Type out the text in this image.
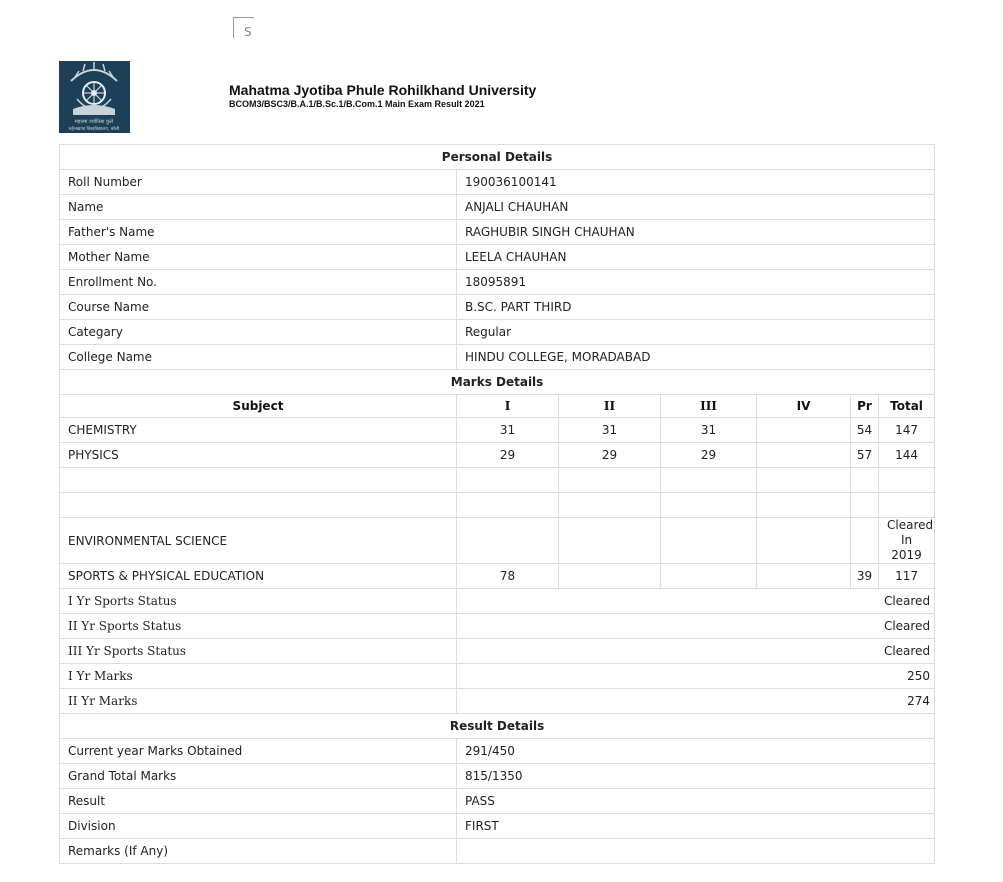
S
महात्मा ज्योतिबा फुले
रुहेलखण्ड विश्वविद्यालय, बरेली
Mahatma Jyotiba Phule Rohilkhand University
BCOM3/BSC3/B.A.1/B.Sc.1/B.Com.1 Main Exam Result 2021
Personal Details						
Roll Number	190036100141					
Name	ANJALI CHAUHAN					
Father's Name	RAGHUBIR SINGH CHAUHAN					
Mother Name	LEELA CHAUHAN					
Enrollment No.	18095891					
Course Name	B.SC. PART THIRD					
Categary	Regular					
College Name	HINDU COLLEGE, MORADABAD					
Marks Details						
Subject	I	II	III	IV	Pr	Total
CHEMISTRY	31	31	31		54	147
PHYSICS	29	29	29		57	144

ENVIRONMENTAL SCIENCE						Cleared In 2019
SPORTS & PHYSICAL EDUCATION	78				39	117
I Yr Sports Status	Cleared					
II Yr Sports Status	Cleared					
III Yr Sports Status	Cleared					
I Yr Marks	250					
II Yr Marks	274					
Result Details						
Current year Marks Obtained	291/450					
Grand Total Marks	815/1350					
Result	PASS					
Division	FIRST					
Remarks (If Any)						
